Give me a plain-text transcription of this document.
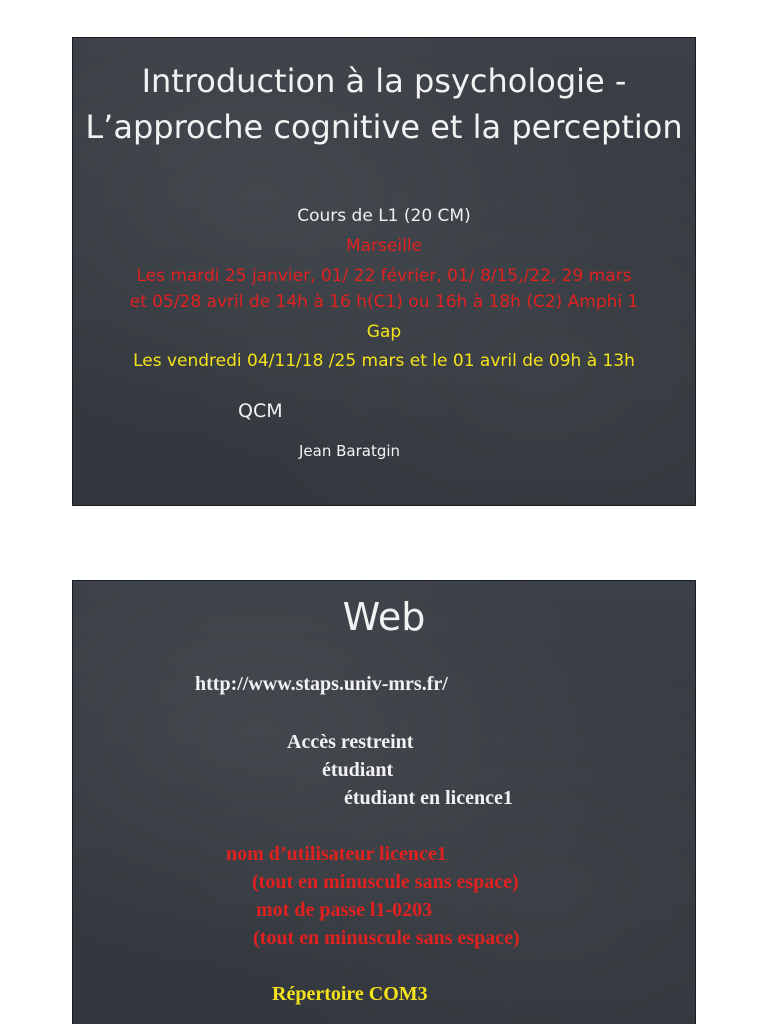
Introduction à la psychologie - L’approche cognitive et la perception
Cours de L1 (20 CM)
Marseille
Les mardi 25 janvier, 01/ 22 février, 01/ 8/15,/22, 29 mars
et 05/28 avril de 14h à 16 h(C1) ou 16h à 18h (C2) Amphi 1
Gap
Les vendredi 04/11/18 /25 mars et le 01 avril de 09h à 13h
QCM
Jean Baratgin
Web
http://www.staps.univ-mrs.fr/
Accès restreint
étudiant
étudiant en licence1
nom d’utilisateur licence1
(tout en minuscule sans espace)
mot de passe l1-0203
(tout en minuscule sans espace)
Répertoire COM3
